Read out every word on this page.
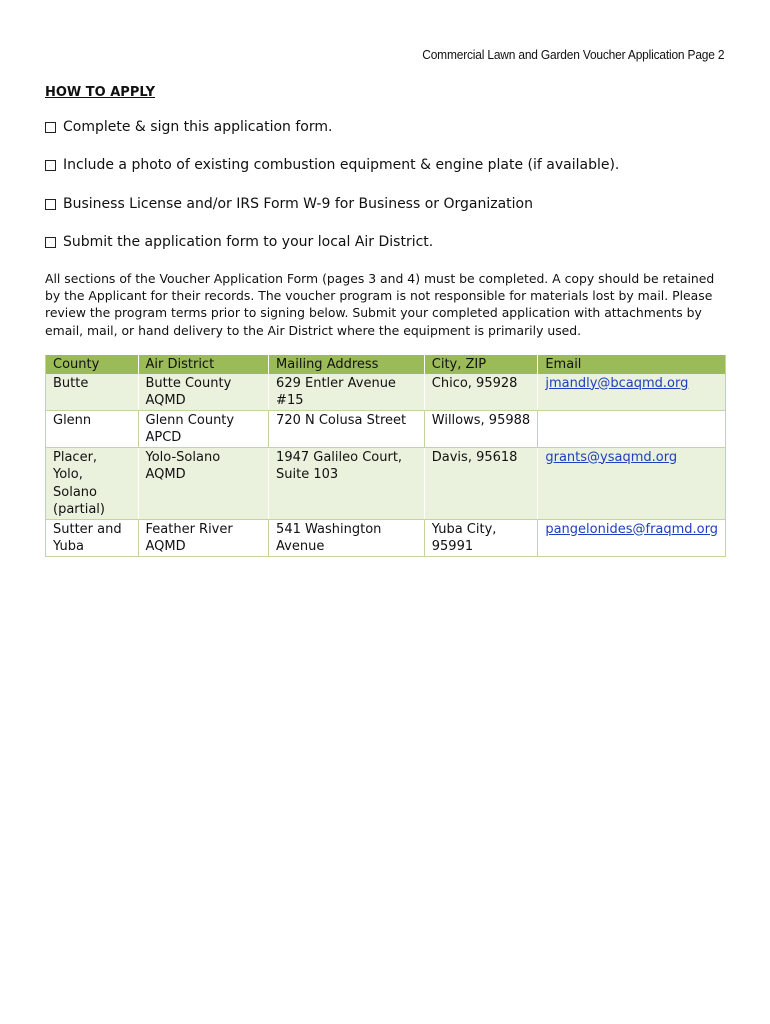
Commercial Lawn and Garden Voucher Application Page 2
HOW TO APPLY
Complete & sign this application form.
Include a photo of existing combustion equipment & engine plate (if available).
Business License and/or IRS Form W-9 for Business or Organization
Submit the application form to your local Air District.

All sections of the Voucher Application Form (pages 3 and 4) must be completed. A copy should be retained by the Applicant for their records. The voucher program is not responsible for materials lost by mail. Please review the program terms prior to signing below. Submit your completed application with attachments by email, mail, or hand delivery to the Air District where the equipment is primarily used.

County	Air District	Mailing Address	City, ZIP	Email
Butte	Butte County AQMD	629 Entler Avenue #15	Chico, 95928	jmandly@bcaqmd.org
Glenn	Glenn County APCD	720 N Colusa Street	Willows, 95988	
Placer, Yolo, Solano (partial)	Yolo-Solano AQMD	1947 Galileo Court, Suite 103	Davis, 95618	grants@ysaqmd.org
Sutter and Yuba	Feather River AQMD	541 Washington Avenue	Yuba City, 95991	pangelonides@fraqmd.org
